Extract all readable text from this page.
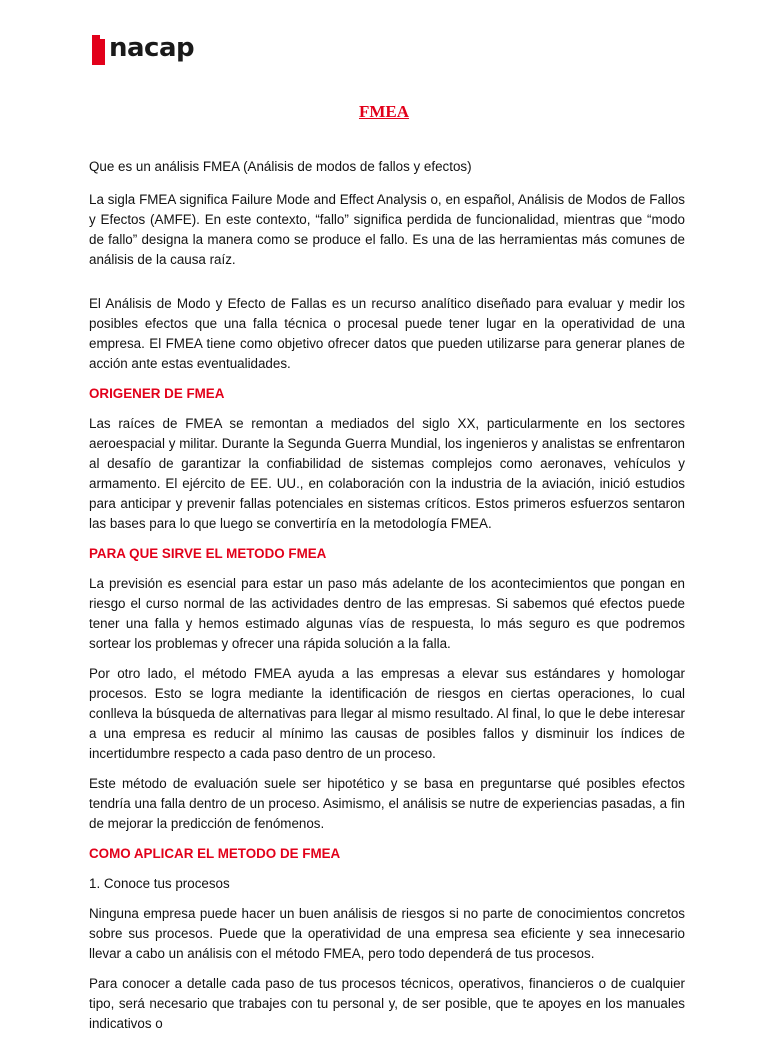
nacap
FMEA

Que es un análisis FMEA (Análisis de modos de fallos y efectos)

La sigla FMEA significa Failure Mode and Effect Analysis o, en español, Análisis de Modos de Fallos y Efectos (AMFE). En este contexto, “fallo” significa perdida de funcionalidad, mientras que “modo de fallo” designa la manera como se produce el fallo. Es una de las herramientas más comunes de análisis de la causa raíz.

El Análisis de Modo y Efecto de Fallas es un recurso analítico diseñado para evaluar y medir los posibles efectos que una falla técnica o procesal puede tener lugar en la operatividad de una empresa. El FMEA tiene como objetivo ofrecer datos que pueden utilizarse para generar planes de acción ante estas eventualidades.

ORIGENER DE FMEA

Las raíces de FMEA se remontan a mediados del siglo XX, particularmente en los sectores aeroespacial y militar. Durante la Segunda Guerra Mundial, los ingenieros y analistas se enfrentaron al desafío de garantizar la confiabilidad de sistemas complejos como aeronaves, vehículos y armamento. El ejército de EE. UU., en colaboración con la industria de la aviación, inició estudios para anticipar y prevenir fallas potenciales en sistemas críticos. Estos primeros esfuerzos sentaron las bases para lo que luego se convertiría en la metodología FMEA.

PARA QUE SIRVE EL METODO FMEA

La previsión es esencial para estar un paso más adelante de los acontecimientos que pongan en riesgo el curso normal de las actividades dentro de las empresas. Si sabemos qué efectos puede tener una falla y hemos estimado algunas vías de respuesta, lo más seguro es que podremos sortear los problemas y ofrecer una rápida solución a la falla.

Por otro lado, el método FMEA ayuda a las empresas a elevar sus estándares y homologar procesos. Esto se logra mediante la identificación de riesgos en ciertas operaciones, lo cual conlleva la búsqueda de alternativas para llegar al mismo resultado. Al final, lo que le debe interesar a una empresa es reducir al mínimo las causas de posibles fallos y disminuir los índices de incertidumbre respecto a cada paso dentro de un proceso.

Este método de evaluación suele ser hipotético y se basa en preguntarse qué posibles efectos tendría una falla dentro de un proceso. Asimismo, el análisis se nutre de experiencias pasadas, a fin de mejorar la predicción de fenómenos.

COMO APLICAR EL METODO DE FMEA

1. Conoce tus procesos

Ninguna empresa puede hacer un buen análisis de riesgos si no parte de conocimientos concretos sobre sus procesos. Puede que la operatividad de una empresa sea eficiente y sea innecesario llevar a cabo un análisis con el método FMEA, pero todo dependerá de tus procesos.

Para conocer a detalle cada paso de tus procesos técnicos, operativos, financieros o de cualquier tipo, será necesario que trabajes con tu personal y, de ser posible, que te apoyes en los manuales indicativos o
